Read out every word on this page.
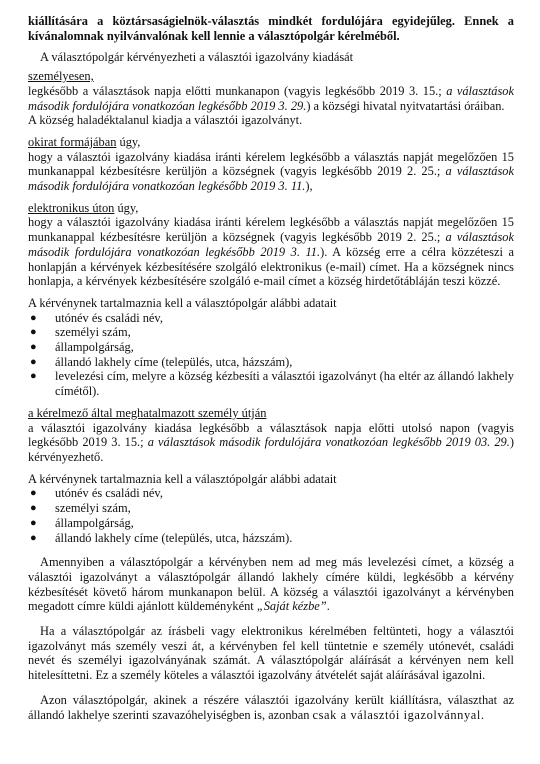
kiállítására a köztársaságielnök-választás mindkét fordulójára egyidejűleg. Ennek a kívánalomnak nyilvánvalónak kell lennie a választópolgár kérelméből.

A választópolgár kérvényezheti a választói igazolvány kiadását

személyesen,

legkésőbb a választások napja előtti munkanapon (vagyis legkésőbb 2019 3. 15.; a választások második fordulójára vonatkozóan legkésőbb 2019 3. 29.) a községi hivatal nyitvatartási óráiban.

A község haladéktalanul kiadja a választói igazolványt.

okirat formájában úgy,

hogy a választói igazolvány kiadása iránti kérelem legkésőbb a választás napját megelőzően 15 munkanappal kézbesítésre kerüljön a községnek (vagyis legkésőbb 2019 2. 25.; a választások második fordulójára vonatkozóan legkésőbb 2019 3. 11.),

elektronikus úton úgy,

hogy a választói igazolvány kiadása iránti kérelem legkésőbb a választás napját megelőzően 15 munkanappal kézbesítésre kerüljön a községnek (vagyis legkésőbb 2019 2. 25.; a választások második fordulójára vonatkozóan legkésőbb 2019 3. 11.). A község erre a célra közzéteszi a honlapján a kérvények kézbesítésére szolgáló elektronikus (e-mail) címet. Ha a községnek nincs honlapja, a kérvények kézbesítésére szolgáló e-mail címet a község hirdetőtábláján teszi közzé.

A kérvénynek tartalmaznia kell a választópolgár alábbi adatait

● utónév és családi név,
● személyi szám,
● állampolgárság,
● állandó lakhely címe (település, utca, házszám),
● levelezési cím, melyre a község kézbesíti a választói igazolványt (ha eltér az állandó lakhely címétől).

a kérelmező által meghatalmazott személy útján

a választói igazolvány kiadása legkésőbb a választások napja előtti utolsó napon (vagyis legkésőbb 2019 3. 15.; a választások második fordulójára vonatkozóan legkésőbb 2019 03. 29.) kérvényezhető.

A kérvénynek tartalmaznia kell a választópolgár alábbi adatait

● utónév és családi név,
● személyi szám,
● állampolgárság,
● állandó lakhely címe (település, utca, házszám).

Amennyiben a választópolgár a kérvényben nem ad meg más levelezési címet, a község a választói igazolványt a választópolgár állandó lakhely címére küldi, legkésőbb a kérvény kézbesítését követő három munkanapon belül. A község a választói igazolványt a kérvényben megadott címre küldi ajánlott küldeményként „Saját kézbe”.

Ha a választópolgár az írásbeli vagy elektronikus kérelmében feltünteti, hogy a választói igazolványt más személy veszi át, a kérvényben fel kell tüntetnie e személy utónevét, családi nevét és személyi igazolványának számát. A választópolgár aláírását a kérvényen nem kell hitelesíttetni. Ez a személy köteles a választói igazolvány átvételét saját aláírásával igazolni.

Azon választópolgár, akinek a részére választói igazolvány került kiállításra, választhat az állandó lakhelye szerinti szavazóhelyiségben is, azonban csak a választói igazolvánnyal.
